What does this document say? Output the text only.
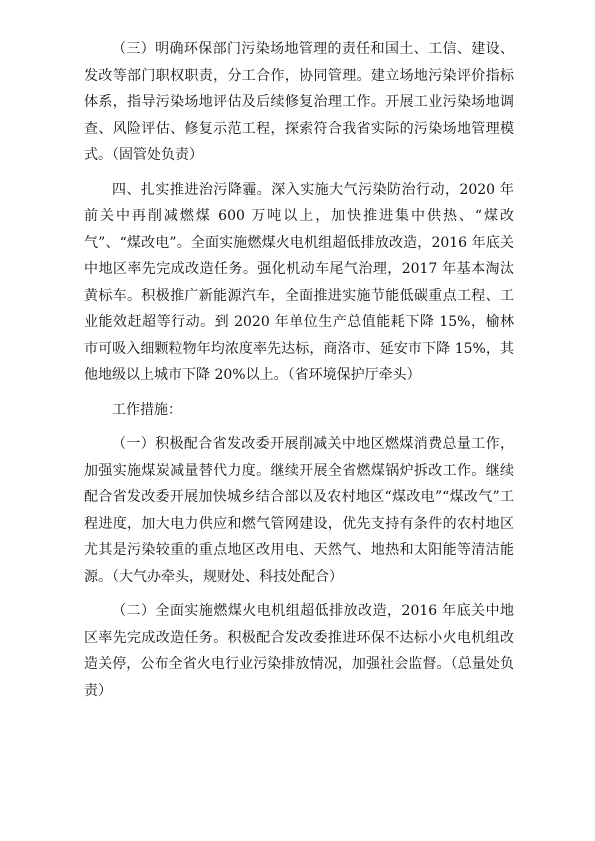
（三）明确环保部门污染场地管理的责任和国土、工信、建设、发改等部门职权职责，分工合作，协同管理。建立场地污染评价指标体系，指导污染场地评估及后续修复治理工作。开展工业污染场地调查、风险评估、修复示范工程，探索符合我省实际的污染场地管理模式。（固管处负责）

四、扎实推进治污降霾。深入实施大气污染防治行动，2020 年前关中再削减燃煤 600 万吨以上，加快推进集中供热、“煤改气”、“煤改电”。全面实施燃煤火电机组超低排放改造，2016 年底关中地区率先完成改造任务。强化机动车尾气治理，2017 年基本淘汰黄标车。积极推广新能源汽车，全面推进实施节能低碳重点工程、工业能效赶超等行动。到 2020 年单位生产总值能耗下降 15%，榆林市可吸入细颗粒物年均浓度率先达标，商洛市、延安市下降 15%，其他地级以上城市下降 20%以上。（省环境保护厅牵头）

工作措施：

（一）积极配合省发改委开展削减关中地区燃煤消费总量工作，加强实施煤炭减量替代力度。继续开展全省燃煤锅炉拆改工作。继续配合省发改委开展加快城乡结合部以及农村地区“煤改电”“煤改气”工程进度，加大电力供应和燃气管网建设，优先支持有条件的农村地区尤其是污染较重的重点地区改用电、天然气、地热和太阳能等清洁能源。（大气办牵头，规财处、科技处配合）

（二）全面实施燃煤火电机组超低排放改造，2016 年底关中地区率先完成改造任务。积极配合发改委推进环保不达标小火电机组改造关停，公布全省火电行业污染排放情况，加强社会监督。（总量处负责）
